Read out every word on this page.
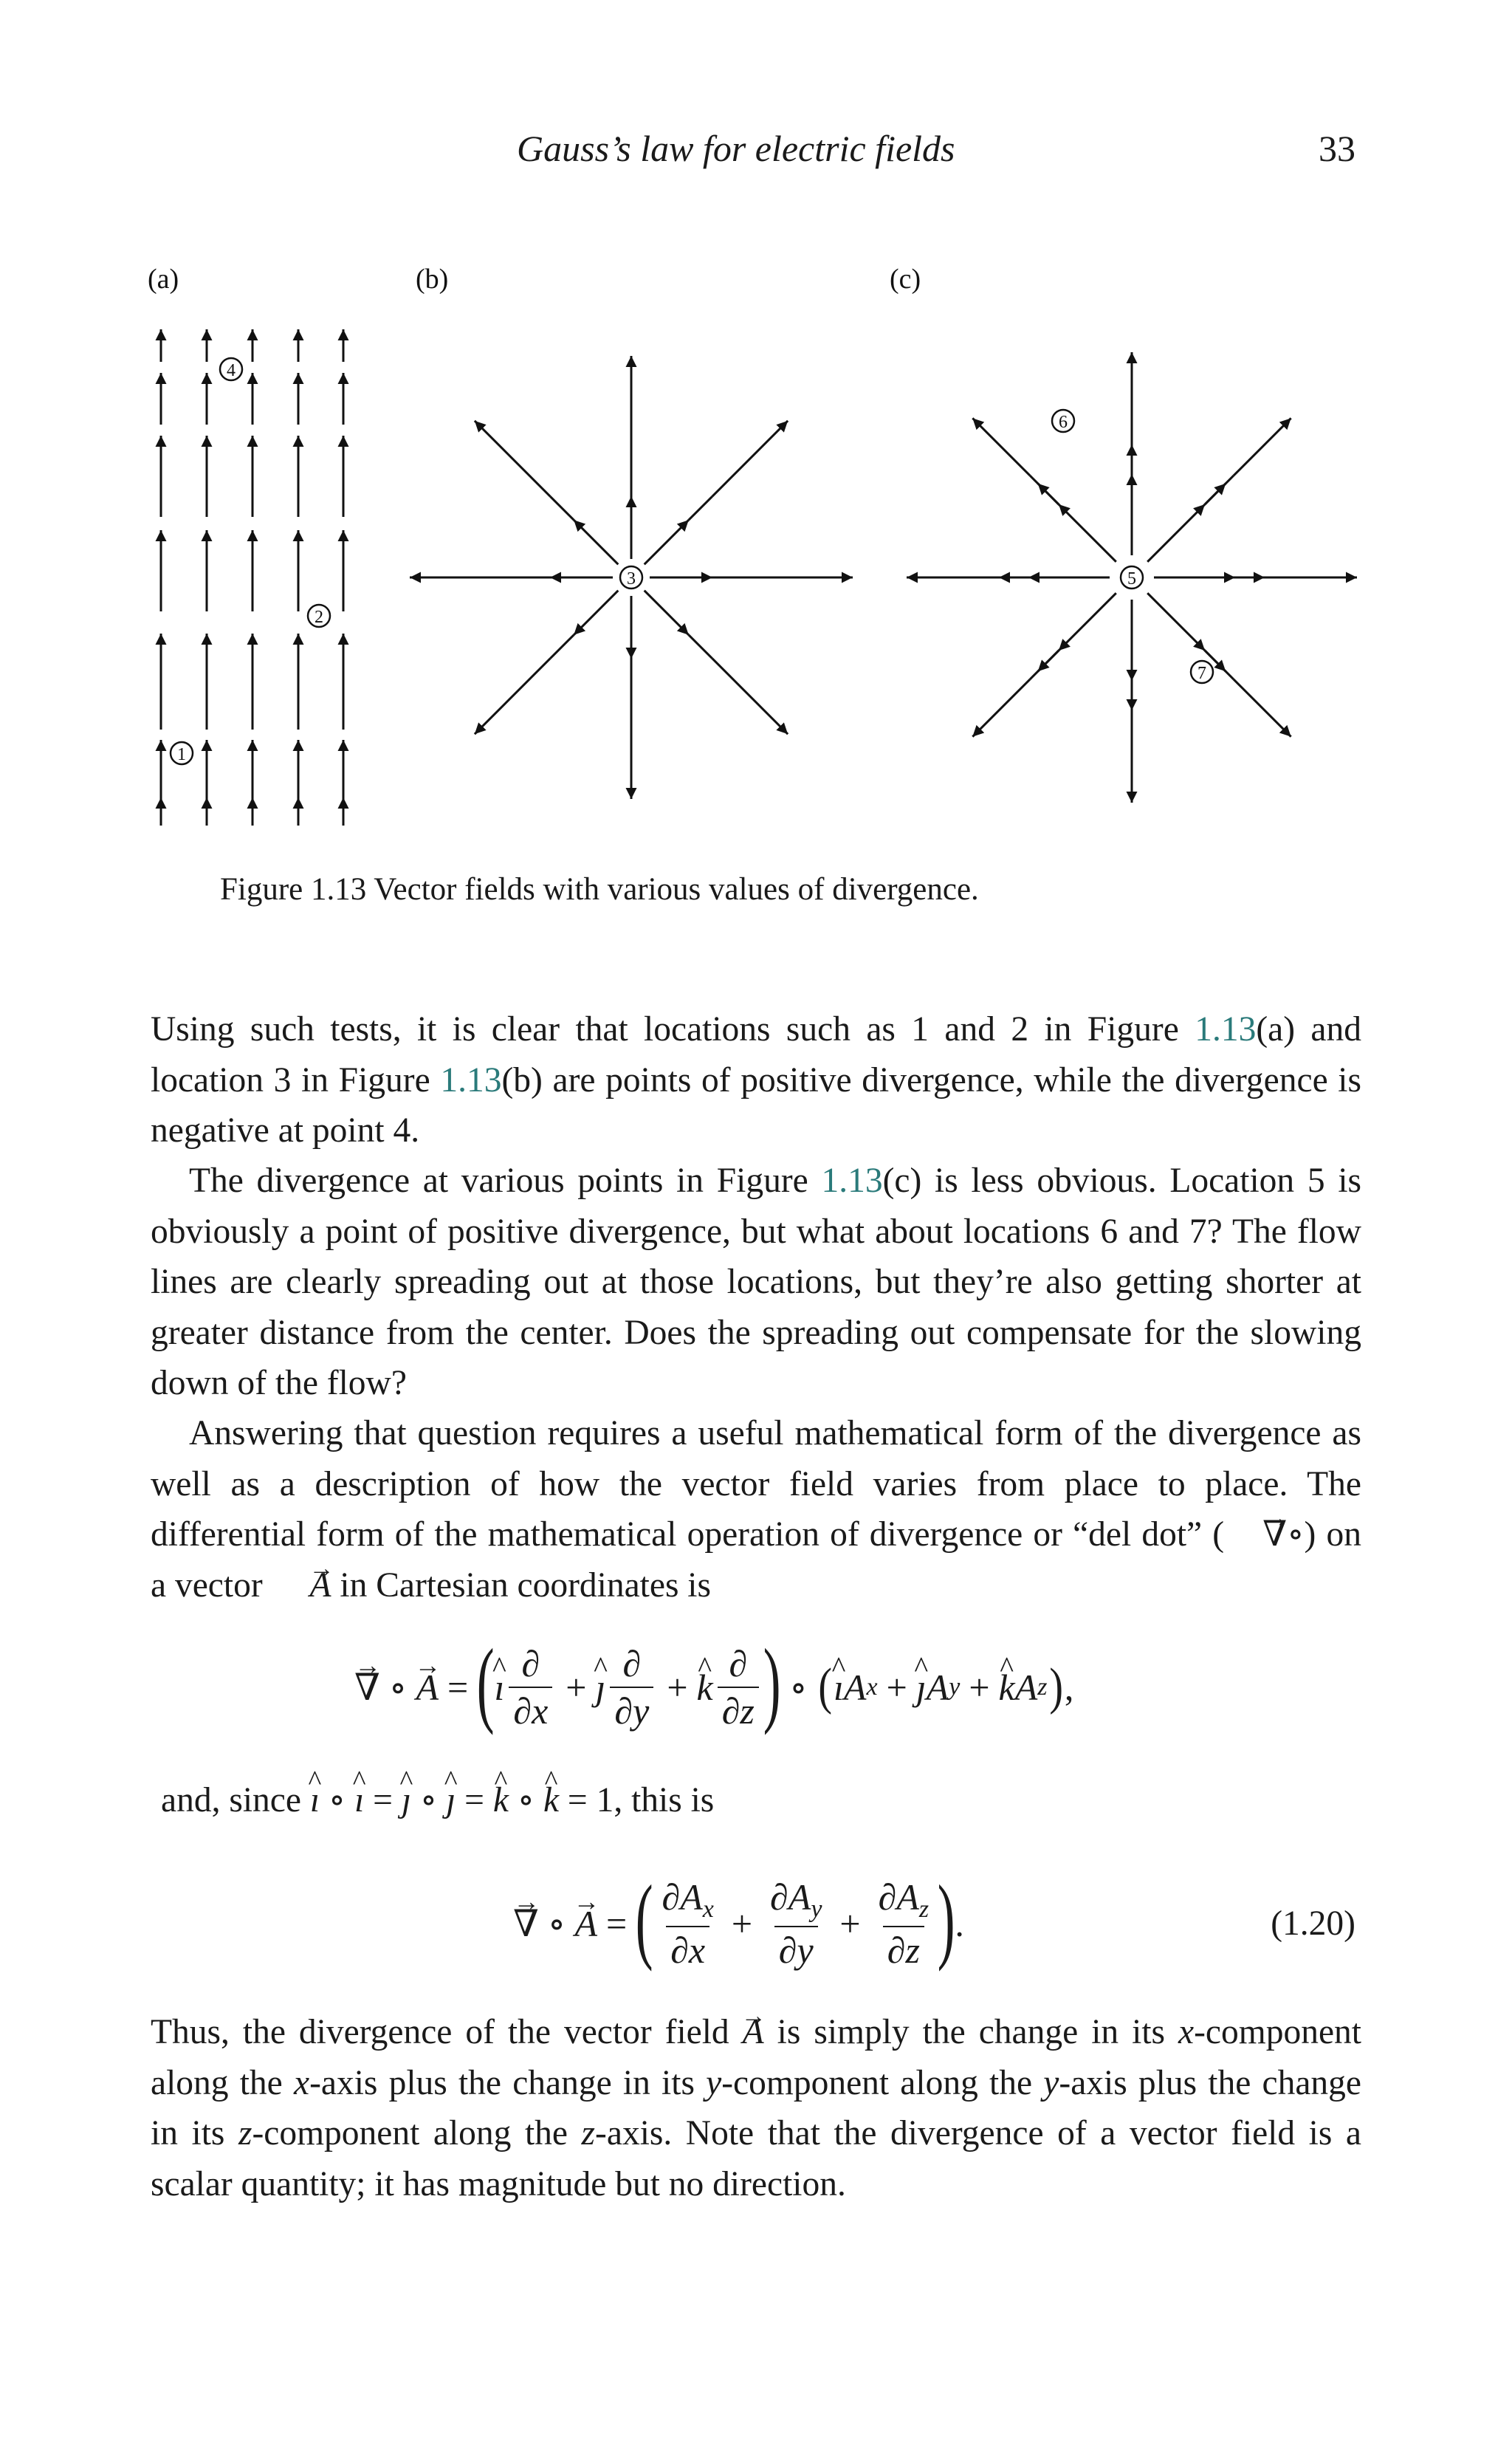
Gauss’s law for electric fields	33
(a)	(b)	(c)
1
2
3
4
5
6
7
Figure 1.13 Vector fields with various values of divergence.
Using such tests, it is clear that locations such as 1 and 2 in Figure 1.13(a) and location 3 in Figure 1.13(b) are points of positive divergence, while the divergence is negative at point 4.
The divergence at various points in Figure 1.13(c) is less obvious. Location 5 is obviously a point of positive divergence, but what about locations 6 and 7? The flow lines are clearly spreading out at those locations, but they’re also getting shorter at greater distance from the center. Does the spreading out compensate for the slowing down of the flow?
Answering that question requires a useful mathematical form of the divergence as well as a description of how the vector field varies from place to place. The differential form of the mathematical operation of divergence or “del dot” ( → ∇∘) on a vector → A in Cartesian coordinates is
→ ∇ ∘ → A = ( ^ ı $\frac{\partial}{\partial x}$ + ^ ȷ $\frac{\partial}{\partial y}$ + ^ k $\frac{\partial}{\partial z}$ ) ∘ ( ^ ı A x + ^ ȷ A y + ^ k A z ) ,
and, since ^ ı ∘ ^ ı = ^ ȷ ∘ ^ ȷ = ^ k ∘ ^ k = 1, this is
→ ∇ ∘ → A = ( $\frac{\partial A_x}{\partial x} + \frac{\partial A_y}{\partial y} + \frac{\partial A_z}{\partial z}$ ) .	(1.20)
Thus, the divergence of the vector field → A is simply the change in its x-component along the x-axis plus the change in its y-component along the y-axis plus the change in its z-component along the z-axis. Note that the divergence of a vector field is a scalar quantity; it has magnitude but no direction.
